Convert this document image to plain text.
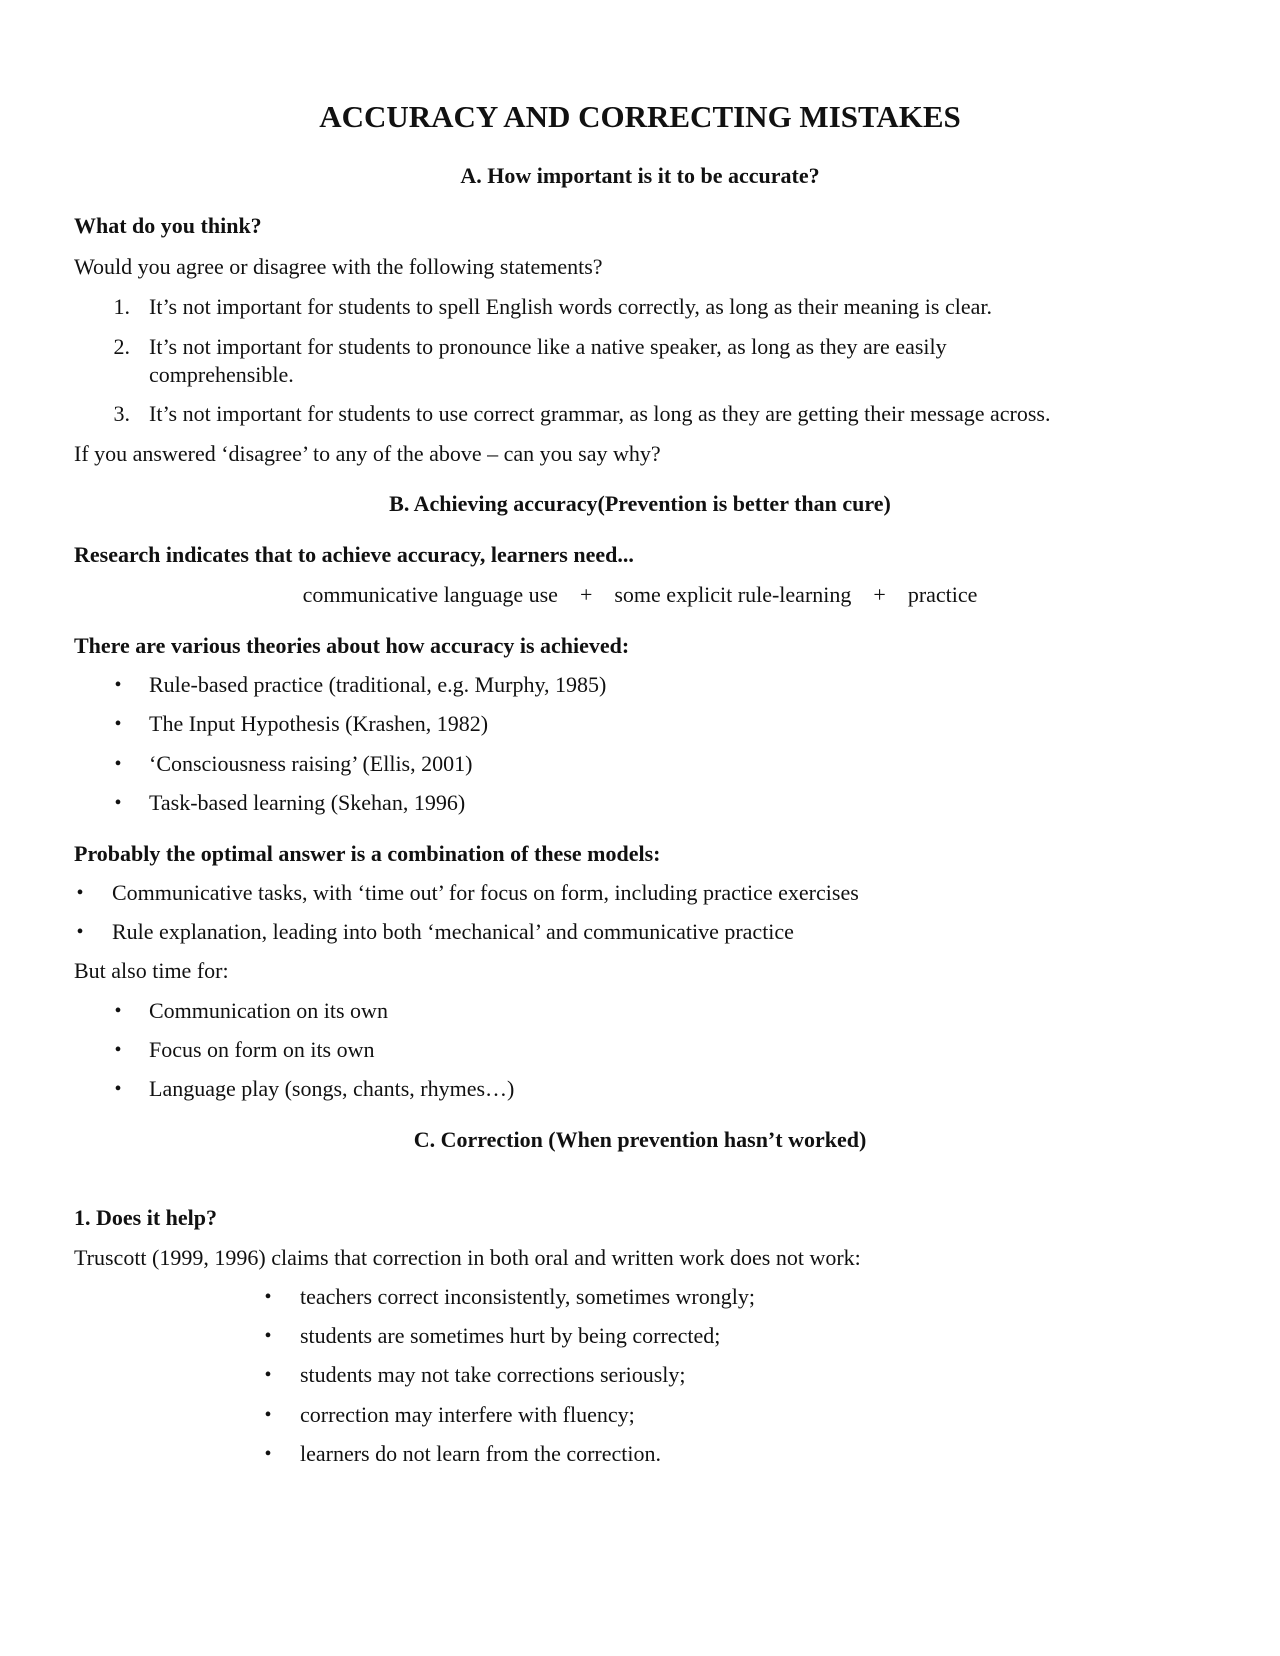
ACCURACY AND CORRECTING MISTAKES
A. How important is it to be accurate?
What do you think?
Would you agree or disagree with the following statements?
1. It’s not important for students to spell English words correctly, as long as their meaning is clear.
2. It’s not important for students to pronounce like a native speaker, as long as they are easily
comprehensible.
3. It’s not important for students to use correct grammar, as long as they are getting their message across.
If you answered ‘disagree’ to any of the above – can you say why?
B. Achieving accuracy(Prevention is better than cure)
Research indicates that to achieve accuracy, learners need...
communicative language use + some explicit rule-learning + practice
There are various theories about how accuracy is achieved:
• Rule-based practice (traditional, e.g. Murphy, 1985)
• The Input Hypothesis (Krashen, 1982)
• ‘Consciousness raising’ (Ellis, 2001)
• Task-based learning (Skehan, 1996)
Probably the optimal answer is a combination of these models:
• Communicative tasks, with ‘time out’ for focus on form, including practice exercises
• Rule explanation, leading into both ‘mechanical’ and communicative practice
But also time for:
• Communication on its own
• Focus on form on its own
• Language play (songs, chants, rhymes…)
C. Correction (When prevention hasn’t worked)
1. Does it help?
Truscott (1999, 1996) claims that correction in both oral and written work does not work:
• teachers correct inconsistently, sometimes wrongly;
• students are sometimes hurt by being corrected;
• students may not take corrections seriously;
• correction may interfere with fluency;
• learners do not learn from the correction.
